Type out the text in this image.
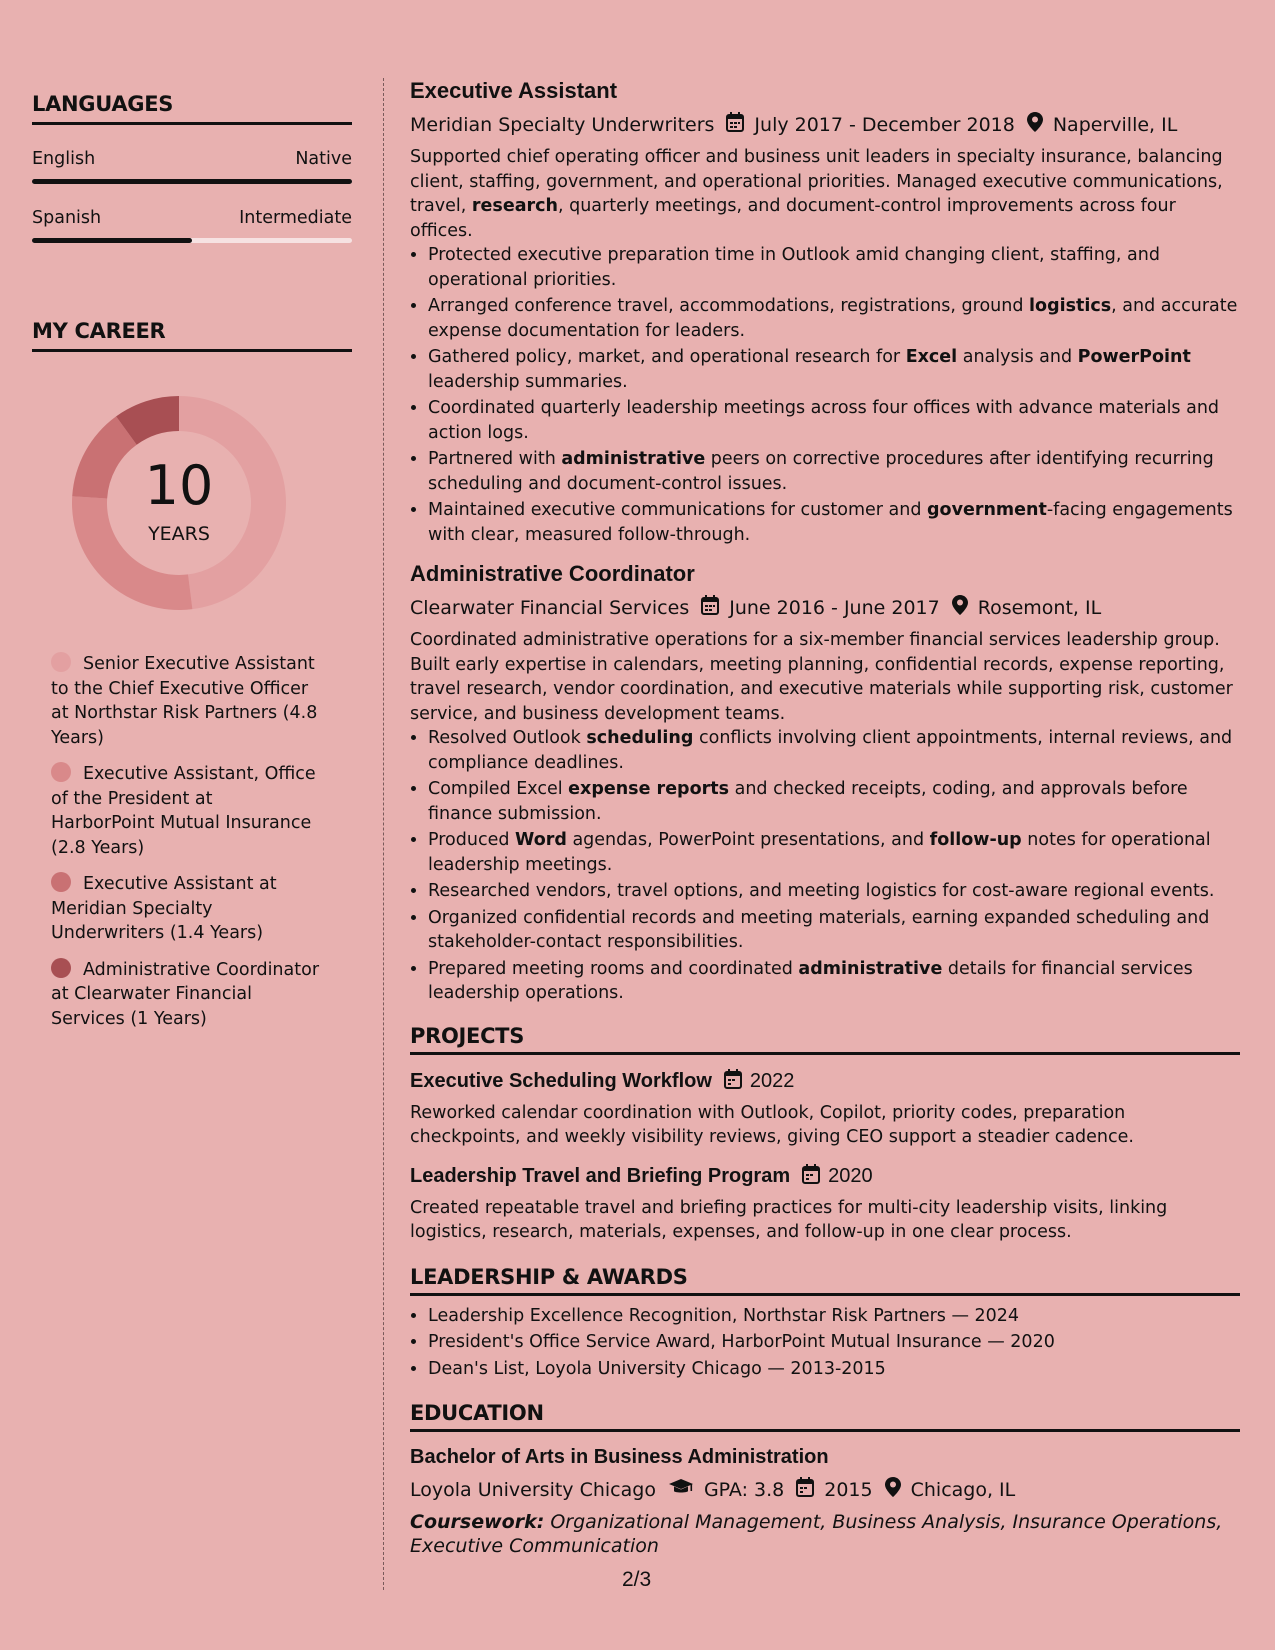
LANGUAGES
English	Native
Spanish	Intermediate
MY CAREER
10
YEARS
Senior Executive Assistant to the Chief Executive Officer at Northstar Risk Partners (4.8 Years)
Executive Assistant, Office of the President at HarborPoint Mutual Insurance (2.8 Years)
Executive Assistant at Meridian Specialty Underwriters (1.4 Years)
Administrative Coordinator at Clearwater Financial Services (1 Years)
Executive Assistant
Meridian Specialty Underwriters July 2017 - December 2018 Naperville, IL
Supported chief operating officer and business unit leaders in specialty insurance, balancing client, staffing, government, and operational priorities. Managed executive communications, travel, research, quarterly meetings, and document-control improvements across four offices.
• Protected executive preparation time in Outlook amid changing client, staffing, and operational priorities.
• Arranged conference travel, accommodations, registrations, ground logistics, and accurate expense documentation for leaders.
• Gathered policy, market, and operational research for Excel analysis and PowerPoint leadership summaries.
• Coordinated quarterly leadership meetings across four offices with advance materials and action logs.
• Partnered with administrative peers on corrective procedures after identifying recurring scheduling and document-control issues.
• Maintained executive communications for customer and government-facing engagements with clear, measured follow-through.
Administrative Coordinator
Clearwater Financial Services June 2016 - June 2017 Rosemont, IL
Coordinated administrative operations for a six-member financial services leadership group. Built early expertise in calendars, meeting planning, confidential records, expense reporting, travel research, vendor coordination, and executive materials while supporting risk, customer service, and business development teams.
• Resolved Outlook scheduling conflicts involving client appointments, internal reviews, and compliance deadlines.
• Compiled Excel expense reports and checked receipts, coding, and approvals before finance submission.
• Produced Word agendas, PowerPoint presentations, and follow-up notes for operational leadership meetings.
• Researched vendors, travel options, and meeting logistics for cost-aware regional events.
• Organized confidential records and meeting materials, earning expanded scheduling and stakeholder-contact responsibilities.
• Prepared meeting rooms and coordinated administrative details for financial services leadership operations.
PROJECTS
Executive Scheduling Workflow 2022
Reworked calendar coordination with Outlook, Copilot, priority codes, preparation checkpoints, and weekly visibility reviews, giving CEO support a steadier cadence.
Leadership Travel and Briefing Program 2020
Created repeatable travel and briefing practices for multi-city leadership visits, linking logistics, research, materials, expenses, and follow-up in one clear process.
LEADERSHIP & AWARDS
• Leadership Excellence Recognition, Northstar Risk Partners — 2024
• President's Office Service Award, HarborPoint Mutual Insurance — 2020
• Dean's List, Loyola University Chicago — 2013-2015
EDUCATION
Bachelor of Arts in Business Administration
Loyola University Chicago	GPA: 3.8 2015 Chicago, IL
Coursework: Organizational Management, Business Analysis, Insurance Operations, Executive Communication
2/3
